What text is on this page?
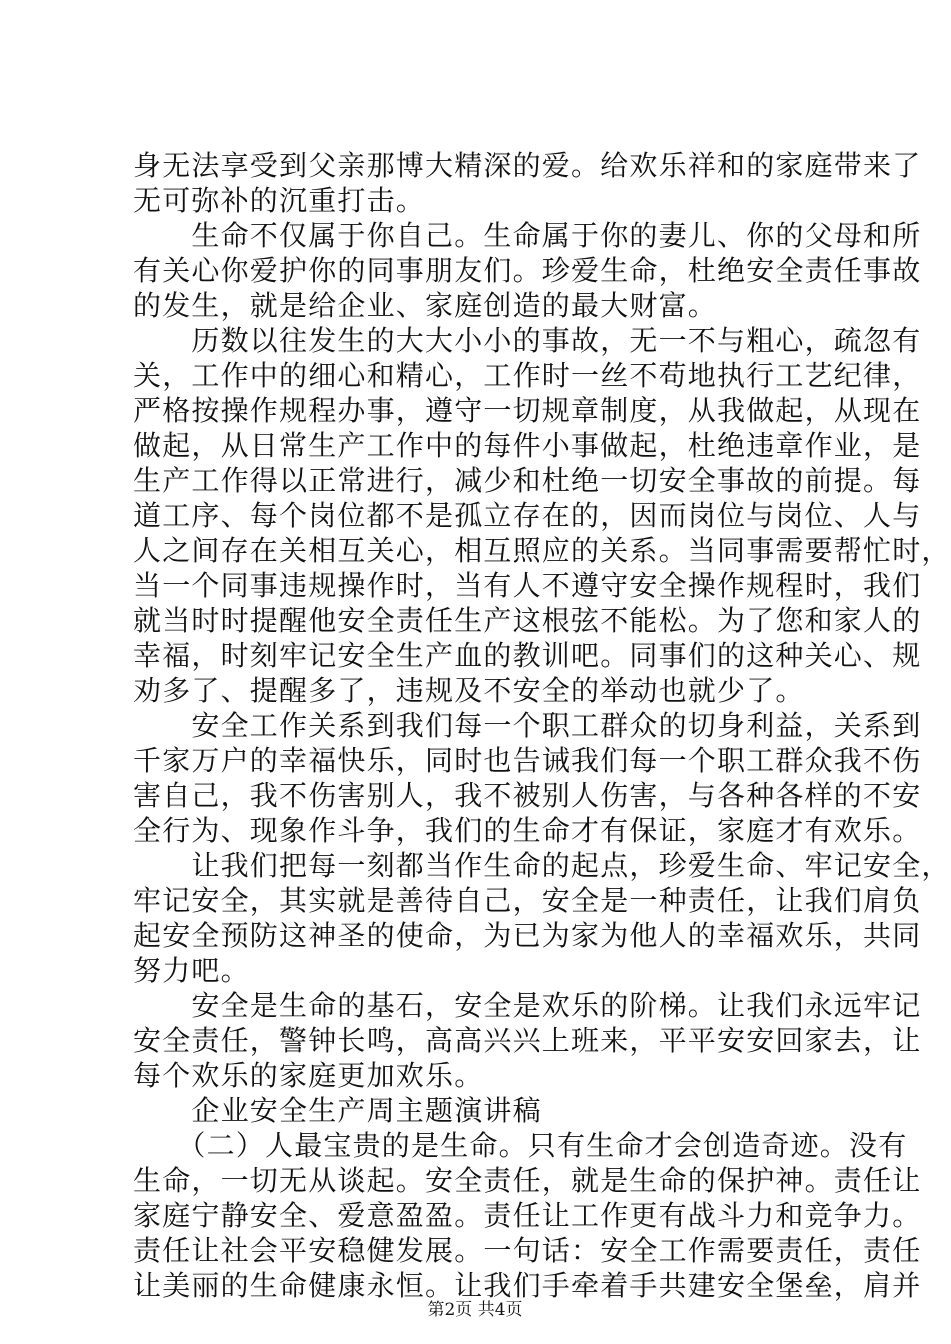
身无法享受到父亲那博大精深的爱。给欢乐祥和的家庭带来了
无可弥补的沉重打击。
　　生命不仅属于你自己。生命属于你的妻儿、你的父母和所
有关心你爱护你的同事朋友们。珍爱生命，杜绝安全责任事故
的发生，就是给企业、家庭创造的最大财富。
　　历数以往发生的大大小小的事故，无一不与粗心，疏忽有
关，工作中的细心和精心，工作时一丝不苟地执行工艺纪律，
严格按操作规程办事，遵守一切规章制度，从我做起，从现在
做起，从日常生产工作中的每件小事做起，杜绝违章作业，是
生产工作得以正常进行，减少和杜绝一切安全事故的前提。每
道工序、每个岗位都不是孤立存在的，因而岗位与岗位、人与
人之间存在关相互关心，相互照应的关系。当同事需要帮忙时，
当一个同事违规操作时，当有人不遵守安全操作规程时，我们
就当时时提醒他安全责任生产这根弦不能松。为了您和家人的
幸福，时刻牢记安全生产血的教训吧。同事们的这种关心、规
劝多了、提醒多了，违规及不安全的举动也就少了。
　　安全工作关系到我们每一个职工群众的切身利益，关系到
千家万户的幸福快乐，同时也告诫我们每一个职工群众我不伤
害自己，我不伤害别人，我不被别人伤害，与各种各样的不安
全行为、现象作斗争，我们的生命才有保证，家庭才有欢乐。
　　让我们把每一刻都当作生命的起点，珍爱生命、牢记安全，
牢记安全，其实就是善待自己，安全是一种责任，让我们肩负
起安全预防这神圣的使命，为已为家为他人的幸福欢乐，共同
努力吧。
　　安全是生命的基石，安全是欢乐的阶梯。让我们永远牢记
安全责任，警钟长鸣，高高兴兴上班来，平平安安回家去，让
每个欢乐的家庭更加欢乐。
　　企业安全生产周主题演讲稿
　　（二）人最宝贵的是生命。只有生命才会创造奇迹。没有
生命，一切无从谈起。安全责任，就是生命的保护神。责任让
家庭宁静安全、爱意盈盈。责任让工作更有战斗力和竞争力。
责任让社会平安稳健发展。一句话：安全工作需要责任，责任
让美丽的生命健康永恒。让我们手牵着手共建安全堡垒，肩并
第2页 共4页
